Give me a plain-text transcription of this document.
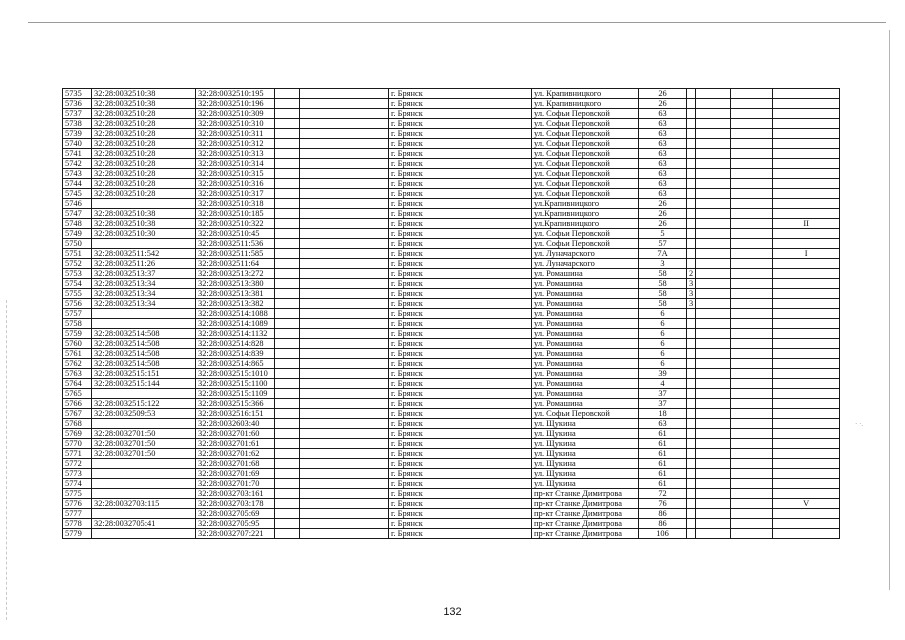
· ·.
5735	32:28:0032510:38	32:28:0032510:195			г. Брянск	ул. Крапивницкого	26				
5736	32:28:0032510:38	32:28:0032510:196			г. Брянск	ул. Крапивницкого	26				
5737	32:28:0032510:28	32:28:0032510:309			г. Брянск	ул. Софьи Перовской	63				
5738	32:28:0032510:28	32:28:0032510:310			г. Брянск	ул. Софьи Перовской	63				
5739	32:28:0032510:28	32:28:0032510:311			г. Брянск	ул. Софьи Перовской	63				
5740	32:28:0032510:28	32:28:0032510:312			г. Брянск	ул. Софьи Перовской	63				
5741	32:28:0032510:28	32:28:0032510:313			г. Брянск	ул. Софьи Перовской	63				
5742	32:28:0032510:28	32:28:0032510:314			г. Брянск	ул. Софьи Перовской	63				
5743	32:28:0032510:28	32:28:0032510:315			г. Брянск	ул. Софьи Перовской	63				
5744	32:28:0032510:28	32:28:0032510:316			г. Брянск	ул. Софьи Перовской	63				
5745	32:28:0032510:28	32:28:0032510:317			г. Брянск	ул. Софьи Перовской	63				
5746		32:28:0032510:318			г. Брянск	ул.Крапивницкого	26				
5747	32:28:0032510:38	32:28:0032510:185			г. Брянск	ул.Крапивницкого	26				
5748	32:28:0032510:38	32:28:0032510:322			г. Брянск	ул.Крапивницкого	26				II
5749	32:28:0032510:30	32:28:0032510:45			г. Брянск	ул. Софьи Перовской	5				
5750		32:28:0032511:536			г. Брянск	ул. Софьи Перовской	57				
5751	32:28:0032511:542	32:28:0032511:585			г. Брянск	ул. Луначарского	7А				I
5752	32:28:0032511:26	32:28:0032511:64			г. Брянск	ул. Луначарского	3				
5753	32:28:0032513:37	32:28:0032513:272			г. Брянск	ул. Ромашина	58	2			
5754	32:28:0032513:34	32:28:0032513:380			г. Брянск	ул. Ромашина	58	3			
5755	32:28:0032513:34	32:28:0032513:381			г. Брянск	ул. Ромашина	58	3			
5756	32:28:0032513:34	32:28:0032513:382			г. Брянск	ул. Ромашина	58	3			
5757		32:28:0032514:1088			г. Брянск	ул. Ромашина	6				
5758		32:28:0032514:1089			г. Брянск	ул. Ромашина	6				
5759	32:28:0032514:508	32:28:0032514:1132			г. Брянск	ул. Ромашина	6				
5760	32:28:0032514:508	32:28:0032514:828			г. Брянск	ул. Ромашина	6				
5761	32:28:0032514:508	32:28:0032514:839			г. Брянск	ул. Ромашина	6				
5762	32:28:0032514:508	32:28:0032514:865			г. Брянск	ул. Ромашина	6				
5763	32:28:0032515:151	32:28:0032515:1010			г. Брянск	ул. Ромашина	39				
5764	32:28:0032515:144	32:28:0032515:1100			г. Брянск	ул. Ромашина	4				
5765		32:28:0032515:1109			г. Брянск	ул. Ромашина	37				
5766	32:28:0032515:122	32:28:0032515:366			г. Брянск	ул. Ромашина	37				
5767	32:28:0032509:53	32:28:0032516:151			г. Брянск	ул. Софьи Перовской	18				
5768		32:28:0032603:40			г. Брянск	ул. Щукина	63				
5769	32:28:0032701:50	32:28:0032701:60			г. Брянск	ул. Щукина	61				
5770	32:28:0032701:50	32:28:0032701:61			г. Брянск	ул. Щукина	61				
5771	32:28:0032701:50	32:28:0032701:62			г. Брянск	ул. Щукина	61				
5772		32:28:0032701:68			г. Брянск	ул. Щукина	61				
5773		32:28:0032701:69			г. Брянск	ул. Щукина	61				
5774		32:28:0032701:70			г. Брянск	ул. Щукина	61				
5775		32:28:0032703:161			г. Брянск	пр-кт Станке Димитрова	72				
5776	32:28:0032703:115	32:28:0032703:178			г. Брянск	пр-кт Станке Димитрова	76				V
5777		32:28:0032705:69			г. Брянск	пр-кт Станке Димитрова	86				
5778	32:28:0032705:41	32:28:0032705:95			г. Брянск	пр-кт Станке Димитрова	86				
5779		32:28:0032707:221			г. Брянск	пр-кт Станке Димитрова	106				
132
